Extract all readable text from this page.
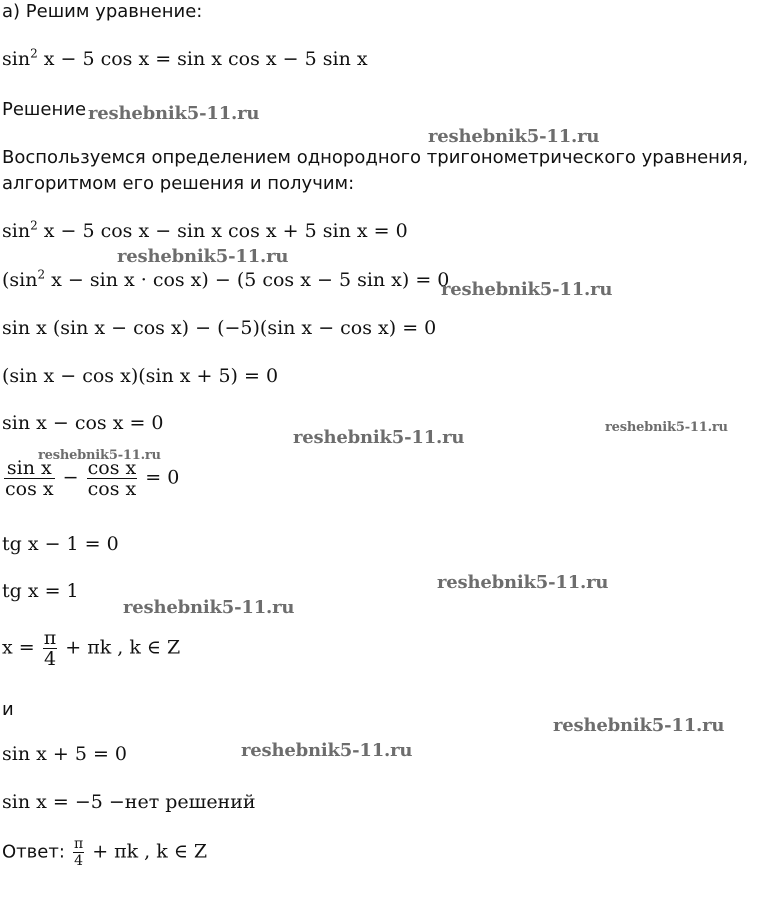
а) Решим уравнение:
$\sin^2 x - 5$ cos x = sin x cos x − 5 sin x
Решение
Воспользуемся определением однородного тригонометрического уравнения,
алгоритмом его решения и получим:
$\sin^2 x - 5$ cos x − sin x cos x + 5 sin x = 0
($\sin^2$ x − sin x · cos x) − (5 cos x − 5 sin x) = 0
sin x (sin x − cos x) − (−5)(sin x − cos x) = 0
(sin x − cos x)(sin x + 5) = 0
sin x − cos x = 0
$\frac{\text{sin x}}{\text{cos x}} - \frac{\text{cos x}}{\text{cos x}} = 0$
tg x − 1 = 0
tg x = 1
$x = \frac{\pi}{4} + \pi k$ , k ∈ Z
и
sin x + 5 = 0
sin x = −5 −нет решений
Ответ: $\frac{\pi}{4} + \pi k$ , k ∈ Z
reshebnik5-11.ru
reshebnik5-11.ru
reshebnik5-11.ru
reshebnik5-11.ru
reshebnik5-11.ru	reshebnik5-11.ru
reshebnik5-11.ru
reshebnik5-11.ru
reshebnik5-11.ru
reshebnik5-11.ru
reshebnik5-11.ru
